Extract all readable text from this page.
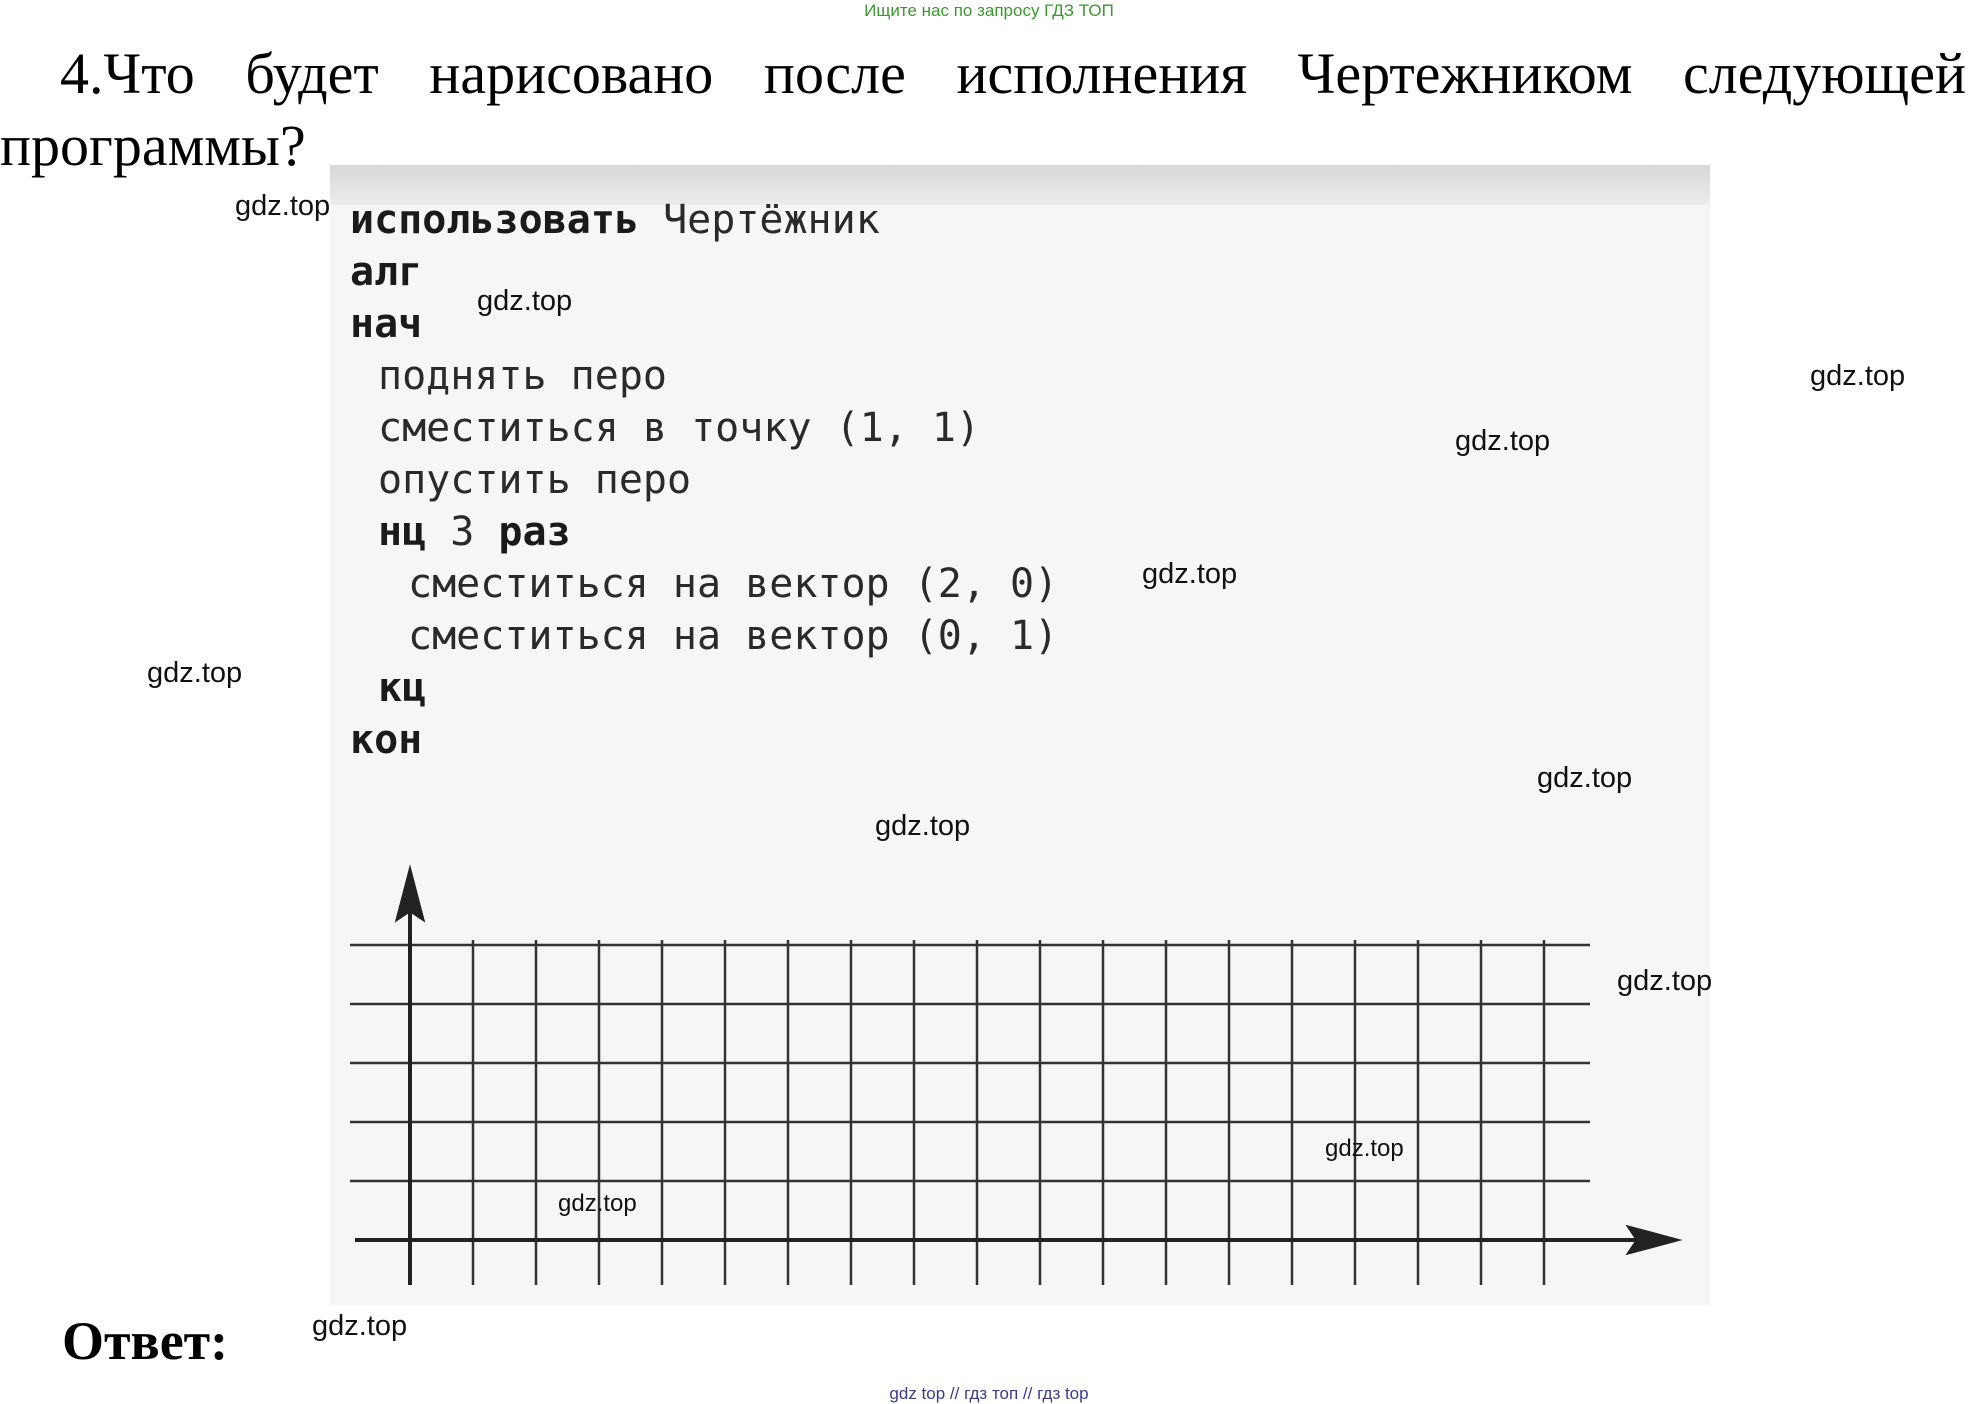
Ищите нас по запросу ГДЗ ТОП
4.Что будет нарисовано после исполнения Чертежником следующей
программы?
использовать Чертёжник
алг
нач
поднять перо
сместиться в точку (1, 1)
опустить перо
нц 3 раз
сместиться на вектор (2, 0)
сместиться на вектор (0, 1)
кц
кон
gdz.top
gdz.top
gdz.top
gdz.top
gdz.top
gdz.top
gdz.top
gdz.top
gdz.top
gdz.top
gdz.top
gdz.top
Ответ:
gdz top // гдз топ // гдз top
